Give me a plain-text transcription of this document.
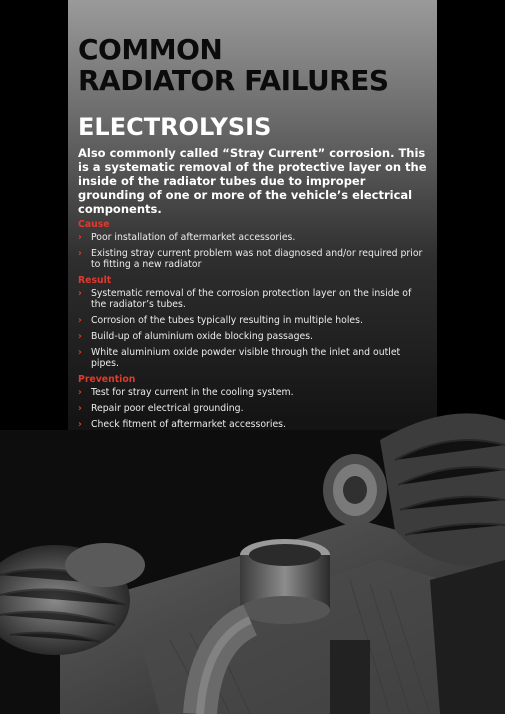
COMMON
RADIATOR FAILURES
ELECTROLYSIS

Also commonly called “Stray Current” corrosion. This is a systematic removal of the protective layer on the inside of the radiator tubes due to improper grounding of one or more of the vehicle’s electrical components.

Cause
› Poor installation of aftermarket accessories.
› Existing stray current problem was not diagnosed and/or required prior to fitting a new radiator
Result
› Systematic removal of the corrosion protection layer on the inside of the radiator’s tubes.
› Corrosion of the tubes typically resulting in multiple holes.
› Build-up of aluminium oxide blocking passages.
› White aluminium oxide powder visible through the inlet and outlet pipes.
Prevention
› Test for stray current in the cooling system.
› Repair poor electrical grounding.
› Check fitment of aftermarket accessories.
